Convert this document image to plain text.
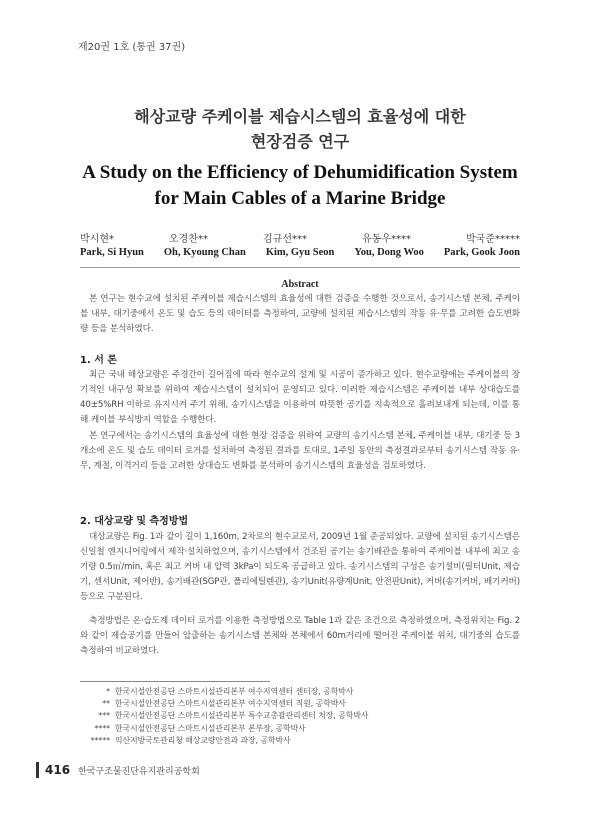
제20권 1호 (통권 37권)
해상교량 주케이블 제습시스템의 효율성에 대한
현장검증 연구
A Study on the Efficiency of Dehumidification System
for Main Cables of a Marine Bridge
박시현*	오경찬**	김규선***	유동우****	박국준*****
Park, Si Hyun Oh, Kyoung Chan Kim, Gyu Seon You, Dong Woo Park, Gook Joon
Abstract
본 연구는 현수교에 설치된 주케이블 제습시스템의 효율성에 대한 검증을 수행한 것으로서, 송기시스템 본체, 주케이블 내부, 대기중에서 온도 및 습도 등의 데이터를 측정하여, 교량에 설치된 제습시스템의 작동 유·무를 고려한 습도변화량 등을 분석하였다.
1. 서 론
최근 국내 해상교량은 주경간이 길어짐에 따라 현수교의 설계 및 시공이 증가하고 있다. 현수교량에는 주케이블의 장기적인 내구성 확보를 위하여 제습시스템이 설치되어 운영되고 있다. 이러한 제습시스템은 주케이블 내부 상대습도를 40±5%RH 이하로 유지시켜 주기 위해, 송기시스템을 이용하여 따뜻한 공기를 지속적으로 흘려보내게 되는데, 이를 통해 케이블 부식방지 역할을 수행한다.
본 연구에서는 송기시스템의 효율성에 대한 현장 검증을 위하여 교량의 송기시스템 본체, 주케이블 내부, 대기중 등 3개소에 온도 및 습도 데이터 로거를 설치하여 측정된 결과를 토대로, 1주일 동안의 측정결과로부터 송기시스템 작동 유·무, 계절, 이격거리 등을 고려한 상대습도 변화를 분석하여 송기시스템의 효율성을 검토하였다.
2. 대상교량 및 측정방법
대상교량은 Fig. 1과 같이 길이 1,160m, 2차로의 현수교로서, 2009년 1월 준공되었다. 교량에 설치된 송기시스템은 신일철 엔지니어링에서 제작·설치하였으며, 송기시스템에서 건조된 공기는 송기배관을 통하여 주케이블 내부에 최고 송기량 0.5㎥/min, 혹은 최고 커버 내 압력 3kPa이 되도록 공급하고 있다. 송기시스템의 구성은 송기설비(필터Unit, 제습기, 센서Unit, 제어반), 송기배관(SGP관, 폴리에틸렌관), 송기Unit(유량계Unit, 안전판Unit), 커버(송기커버, 배기커버) 등으로 구분된다.
측정방법은 온·습도계 데이터 로거를 이용한 측정방법으로 Table 1과 같은 조건으로 측정하였으며, 측정위치는 Fig. 2와 같이 제습공기를 만들어 압출하는 송기시스템 본체와 본체에서 60m거리에 떨어진 주케이블 위치, 대기중의 습도를 측정하여 비교하였다.
* 한국시설안전공단 스마트시설관리본부 여수지역센터 센터장, 공학박사
** 한국시설안전공단 스마트시설관리본부 여수지역센터 직원, 공학박사
*** 한국시설안전공단 스마트시설관리본부 특수교총괄관리센터 처장, 공학박사
**** 한국시설안전공단 스마트시설관리본부 본부장, 공학박사
***** 익산지방국토관리청 해상교량안전과 과장, 공학박사
416 한국구조물진단유지관리공학회
